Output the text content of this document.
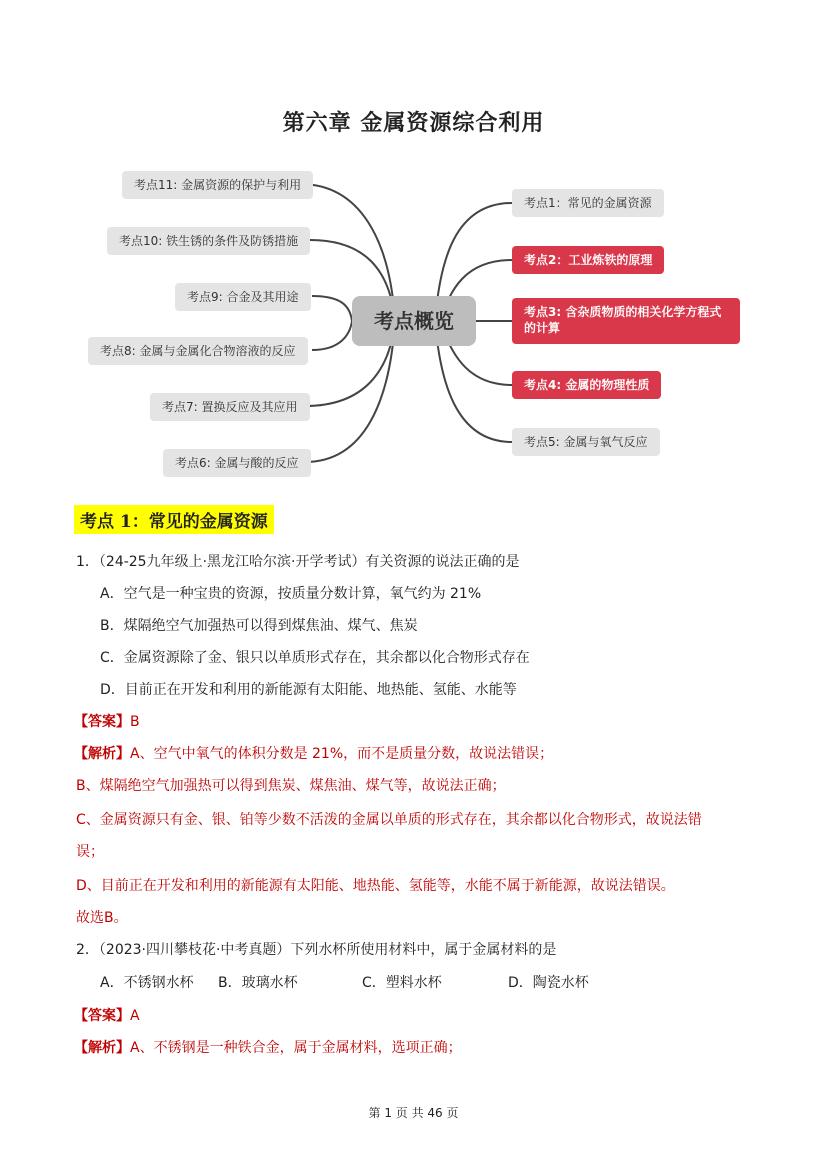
第六章 金属资源综合利用
考点11: 金属资源的保护与利用
考点10: 铁生锈的条件及防锈措施
考点9: 合金及其用途
考点8: 金属与金属化合物溶液的反应
考点7: 置换反应及其应用
考点6: 金属与酸的反应
考点概览
考点1：常见的金属资源
考点2：工业炼铁的原理
考点3: 含杂质物质的相关化学方程式的计算
考点4: 金属的物理性质
考点5: 金属与氧气反应
考点 1：常见的金属资源
1．（24-25九年级上·黑龙江哈尔滨·开学考试）有关资源的说法正确的是
A．空气是一种宝贵的资源，按质量分数计算，氧气约为 21%
B．煤隔绝空气加强热可以得到煤焦油、煤气、焦炭
C．金属资源除了金、银只以单质形式存在，其余都以化合物形式存在
D．目前正在开发和利用的新能源有太阳能、地热能、氢能、水能等
【答案】B
【解析】A、空气中氧气的体积分数是 21%，而不是质量分数，故说法错误；
B、煤隔绝空气加强热可以得到焦炭、煤焦油、煤气等，故说法正确；
C、金属资源只有金、银、铂等少数不活泼的金属以单质的形式存在，其余都以化合物形式，故说法错
误；
D、目前正在开发和利用的新能源有太阳能、地热能、氢能等，水能不属于新能源，故说法错误。
故选B。
2．（2023·四川攀枝花·中考真题）下列水杯所使用材料中，属于金属材料的是
A．不锈钢水杯 B．玻璃水杯	C．塑料水杯	D．陶瓷水杯
【答案】A
【解析】A、不锈钢是一种铁合金，属于金属材料，选项正确；
第 1 页 共 46 页
